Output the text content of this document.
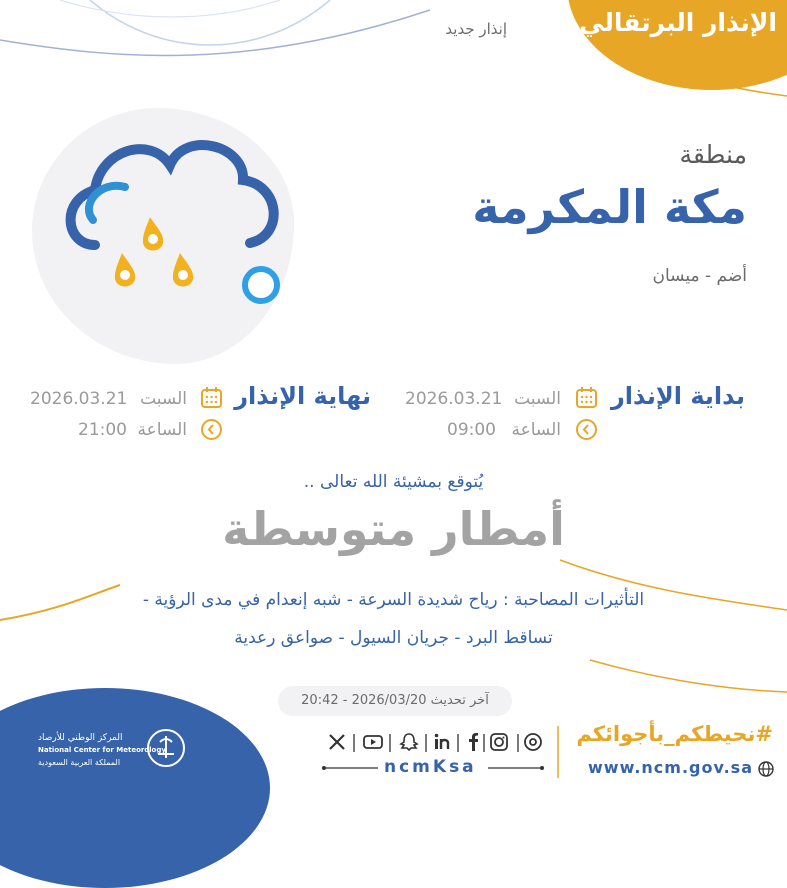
الإنذار البرتقالي
إنذار جديد
منطقة
مكة المكرمة
أضم - ميسان
بداية الإنذار
السبت
2026.03.21
الساعة
09:00
نهاية الإنذار
السبت
2026.03.21
الساعة
21:00
يُتوقع بمشيئة الله تعالى ..
أمطار متوسطة
التأثيرات المصاحبة : رياح شديدة السرعة - شبه إنعدام في مدى الرؤية -
تساقط البرد - جريان السيول - صواعق رعدية
آخر تحديث 2026/03/20 - 20:42
المركز الوطني للأرصاد
National Center for Meteorology
المملكة العربية السعودية	ncmKsa
#نحيطكم_بأجوائكم
www.ncm.gov.sa
